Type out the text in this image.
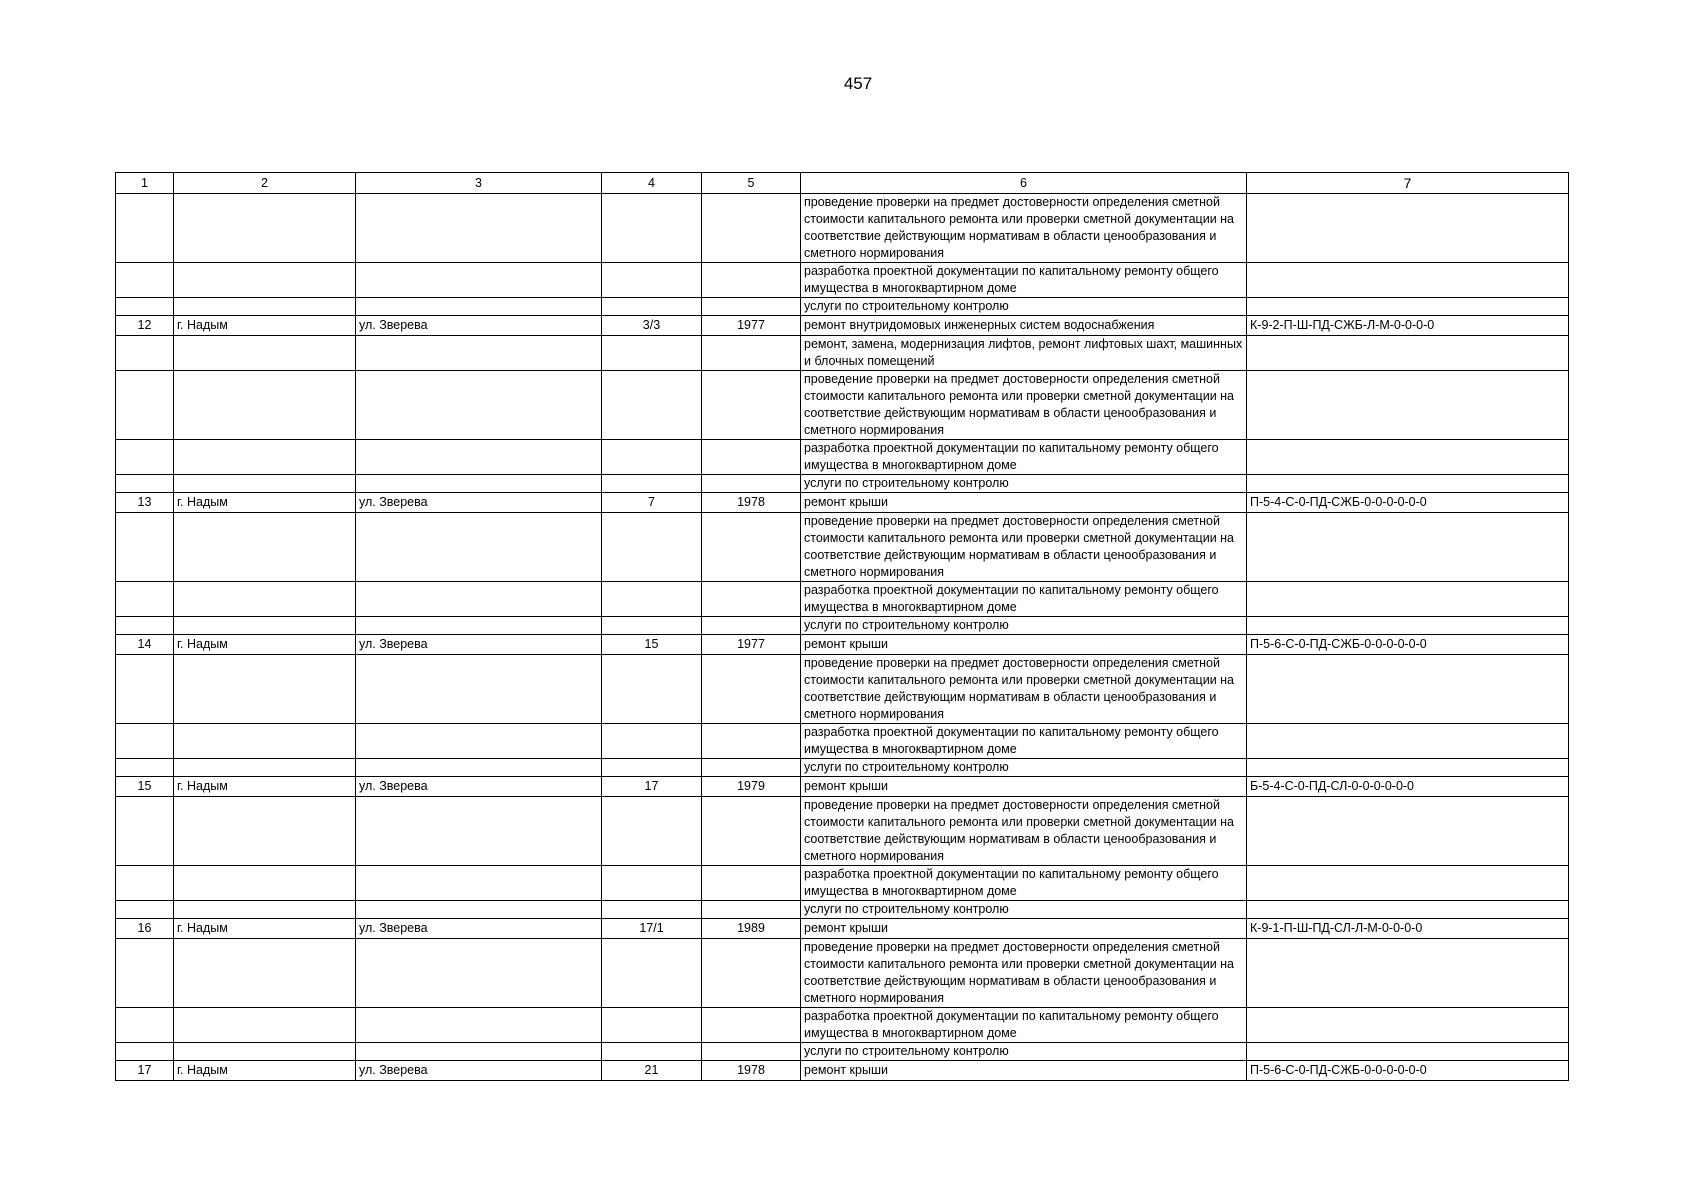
457
1	2	3	4	5	6	7
					проведение проверки на предмет достоверности определения сметной стоимости капитального ремонта или проверки сметной документации на соответствие действующим нормативам в области ценообразования и сметного нормирования	
					разработка проектной документации по капитальному ремонту общего имущества в многоквартирном доме	
					услуги по строительному контролю	
12	г. Надым	ул. Зверева	3/3	1977	ремонт внутридомовых инженерных систем водоснабжения	К-9-2-П-Ш-ПД-СЖБ-Л-М-0-0-0-0
					ремонт, замена, модернизация лифтов, ремонт лифтовых шахт, машинных и блочных помещений	
					проведение проверки на предмет достоверности определения сметной стоимости капитального ремонта или проверки сметной документации на соответствие действующим нормативам в области ценообразования и сметного нормирования	
					разработка проектной документации по капитальному ремонту общего имущества в многоквартирном доме	
					услуги по строительному контролю	
13	г. Надым	ул. Зверева	7	1978	ремонт крыши	П-5-4-С-0-ПД-СЖБ-0-0-0-0-0-0
					проведение проверки на предмет достоверности определения сметной стоимости капитального ремонта или проверки сметной документации на соответствие действующим нормативам в области ценообразования и сметного нормирования	
					разработка проектной документации по капитальному ремонту общего имущества в многоквартирном доме	
					услуги по строительному контролю	
14	г. Надым	ул. Зверева	15	1977	ремонт крыши	П-5-6-С-0-ПД-СЖБ-0-0-0-0-0-0
					проведение проверки на предмет достоверности определения сметной стоимости капитального ремонта или проверки сметной документации на соответствие действующим нормативам в области ценообразования и сметного нормирования	
					разработка проектной документации по капитальному ремонту общего имущества в многоквартирном доме	
					услуги по строительному контролю	
15	г. Надым	ул. Зверева	17	1979	ремонт крыши	Б-5-4-С-0-ПД-СЛ-0-0-0-0-0-0
					проведение проверки на предмет достоверности определения сметной стоимости капитального ремонта или проверки сметной документации на соответствие действующим нормативам в области ценообразования и сметного нормирования	
					разработка проектной документации по капитальному ремонту общего имущества в многоквартирном доме	
					услуги по строительному контролю	
16	г. Надым	ул. Зверева	17/1	1989	ремонт крыши	К-9-1-П-Ш-ПД-СЛ-Л-М-0-0-0-0
					проведение проверки на предмет достоверности определения сметной стоимости капитального ремонта или проверки сметной документации на соответствие действующим нормативам в области ценообразования и сметного нормирования	
					разработка проектной документации по капитальному ремонту общего имущества в многоквартирном доме	
					услуги по строительному контролю	
17	г. Надым	ул. Зверева	21	1978	ремонт крыши	П-5-6-С-0-ПД-СЖБ-0-0-0-0-0-0
